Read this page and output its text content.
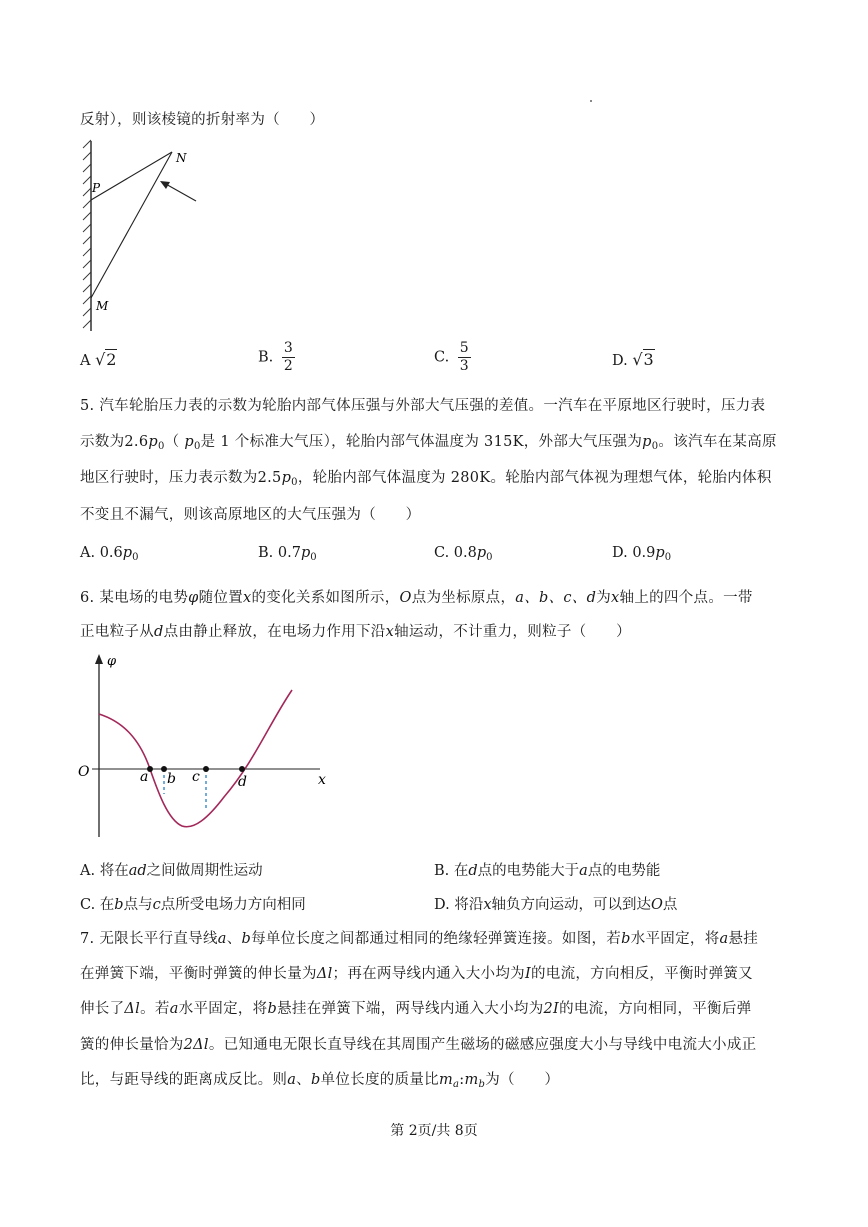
反射），则该棱镜的折射率为（　　）
N
P
M
A √2	B. $\frac{3}{2}$	C. $\frac{5}{3}$	D. √3
5. 汽车轮胎压力表的示数为轮胎内部气体压强与外部大气压强的差值。一汽车在平原地区行驶时，压力表
示数为$2.6p_0$（ $p_0$是 1 个标准大气压），轮胎内部气体温度为 315K，外部大气压强为$p_0$。该汽车在某高原
地区行驶时，压力表示数为$2.5p_0$，轮胎内部气体温度为 280K。轮胎内部气体视为理想气体，轮胎内体积
不变且不漏气，则该高原地区的大气压强为（　　）
A. $0.6p_0$	B. $0.7p_0$	C. $0.8p_0$	D. $0.9p_0$
6. 某电场的电势φ随位置x的变化关系如图所示，O点为坐标原点，a、b、c、d为x轴上的四个点。一带
正电粒子从d点由静止释放，在电场力作用下沿x轴运动，不计重力，则粒子（　　）
φ
x
O	a b c	d
A. 将在ad之间做周期性运动	B. 在d点的电势能大于a点的电势能
C. 在b点与c点所受电场力方向相同	D. 将沿x轴负方向运动，可以到达O点
7. 无限长平行直导线a、b每单位长度之间都通过相同的绝缘轻弹簧连接。如图，若b水平固定，将a悬挂
在弹簧下端，平衡时弹簧的伸长量为Δl；再在两导线内通入大小均为I的电流，方向相反，平衡时弹簧又
伸长了Δl。若a水平固定，将b悬挂在弹簧下端，两导线内通入大小均为2I的电流，方向相同，平衡后弹
簧的伸长量恰为2Δl。已知通电无限长直导线在其周围产生磁场的磁感应强度大小与导线中电流大小成正
比，与距导线的距离成反比。则a、b单位长度的质量比$m_a:m_b$为（　　）
第 2页/共 8页
